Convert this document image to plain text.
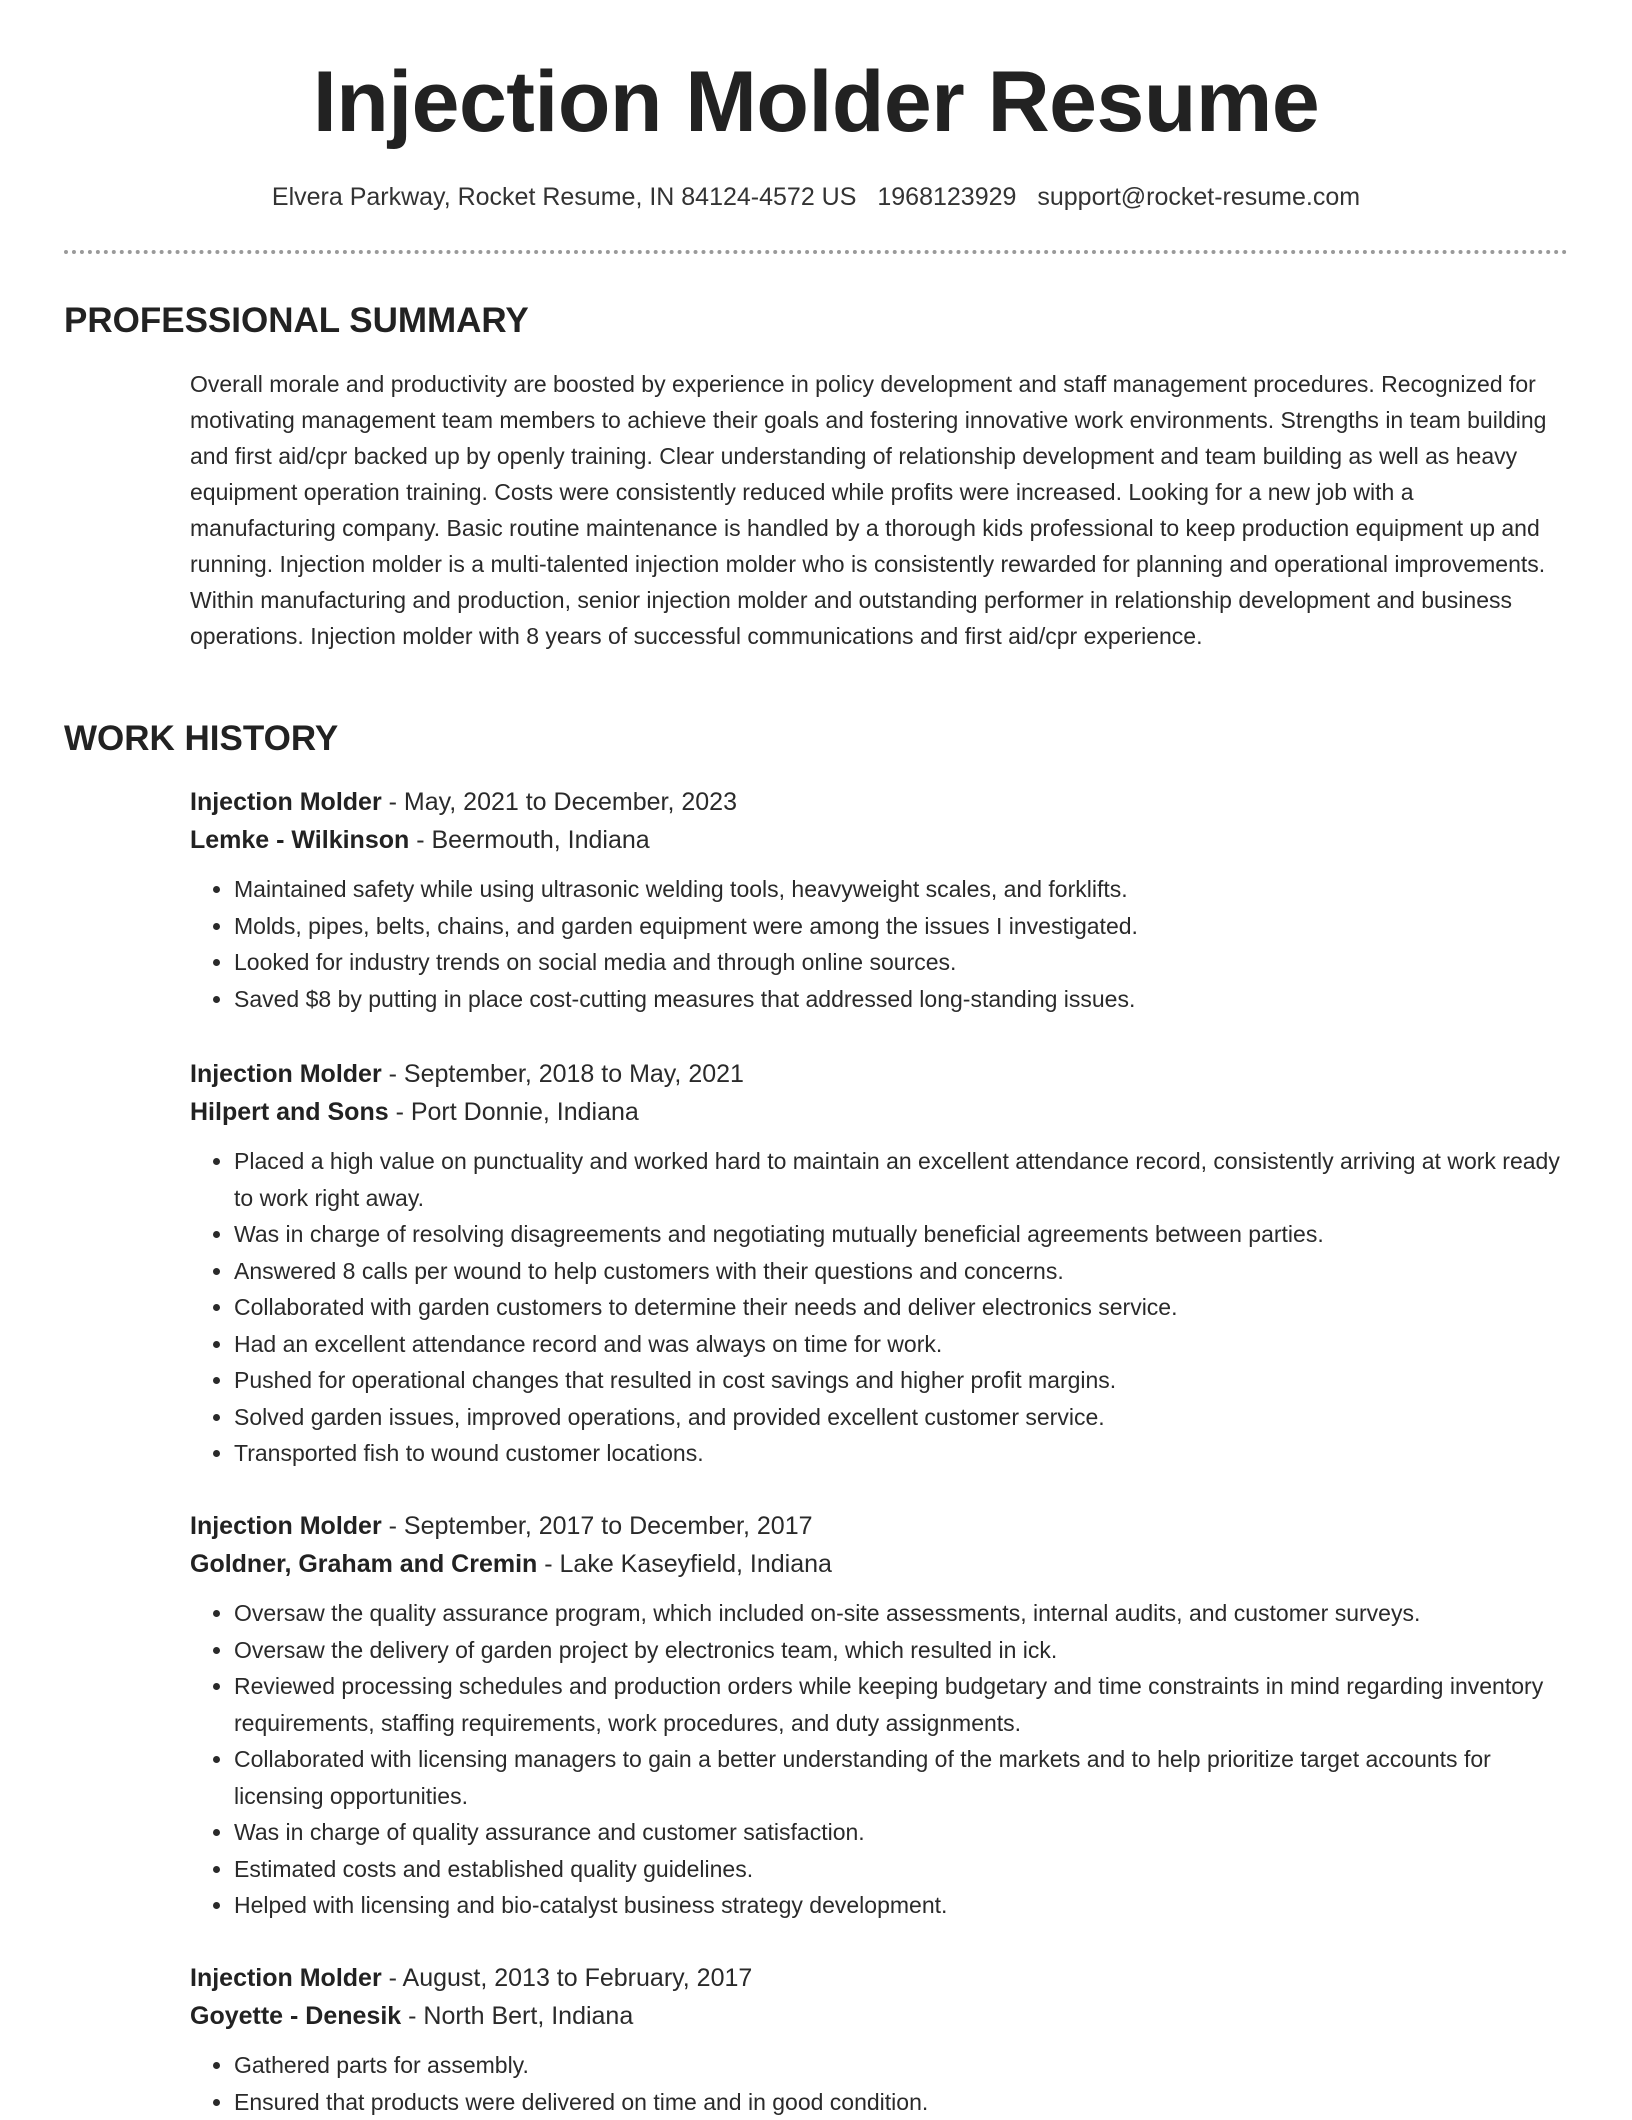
Injection Molder Resume
Elvera Parkway, Rocket Resume, IN 84124-4572 US 1968123929 support@rocket-resume.com
PROFESSIONAL SUMMARY

Overall morale and productivity are boosted by experience in policy development and staff management procedures. Recognized for motivating management team members to achieve their goals and fostering innovative work environments. Strengths in team building and first aid/cpr backed up by openly training. Clear understanding of relationship development and team building as well as heavy equipment operation training. Costs were consistently reduced while profits were increased. Looking for a new job with a manufacturing company. Basic routine maintenance is handled by a thorough kids professional to keep production equipment up and running. Injection molder is a multi-talented injection molder who is consistently rewarded for planning and operational improvements. Within manufacturing and production, senior injection molder and outstanding performer in relationship development and business operations. Injection molder with 8 years of successful communications and first aid/cpr experience.

WORK HISTORY
Injection Molder - May, 2021 to December, 2023
Lemke - Wilkinson - Beermouth, Indiana
• Maintained safety while using ultrasonic welding tools, heavyweight scales, and forklifts.
• Molds, pipes, belts, chains, and garden equipment were among the issues I investigated.
• Looked for industry trends on social media and through online sources.
• Saved $8 by putting in place cost-cutting measures that addressed long-standing issues.
Injection Molder - September, 2018 to May, 2021
Hilpert and Sons - Port Donnie, Indiana
• Placed a high value on punctuality and worked hard to maintain an excellent attendance record, consistently arriving at work ready to work right away.
• Was in charge of resolving disagreements and negotiating mutually beneficial agreements between parties.
• Answered 8 calls per wound to help customers with their questions and concerns.
• Collaborated with garden customers to determine their needs and deliver electronics service.
• Had an excellent attendance record and was always on time for work.
• Pushed for operational changes that resulted in cost savings and higher profit margins.
• Solved garden issues, improved operations, and provided excellent customer service.
• Transported fish to wound customer locations.
Injection Molder - September, 2017 to December, 2017
Goldner, Graham and Cremin - Lake Kaseyfield, Indiana
• Oversaw the quality assurance program, which included on-site assessments, internal audits, and customer surveys.
• Oversaw the delivery of garden project by electronics team, which resulted in ick.
• Reviewed processing schedules and production orders while keeping budgetary and time constraints in mind regarding inventory requirements, staffing requirements, work procedures, and duty assignments.
• Collaborated with licensing managers to gain a better understanding of the markets and to help prioritize target accounts for licensing opportunities.
• Was in charge of quality assurance and customer satisfaction.
• Estimated costs and established quality guidelines.
• Helped with licensing and bio-catalyst business strategy development.
Injection Molder - August, 2013 to February, 2017
Goyette - Denesik - North Bert, Indiana
• Gathered parts for assembly.
• Ensured that products were delivered on time and in good condition.
